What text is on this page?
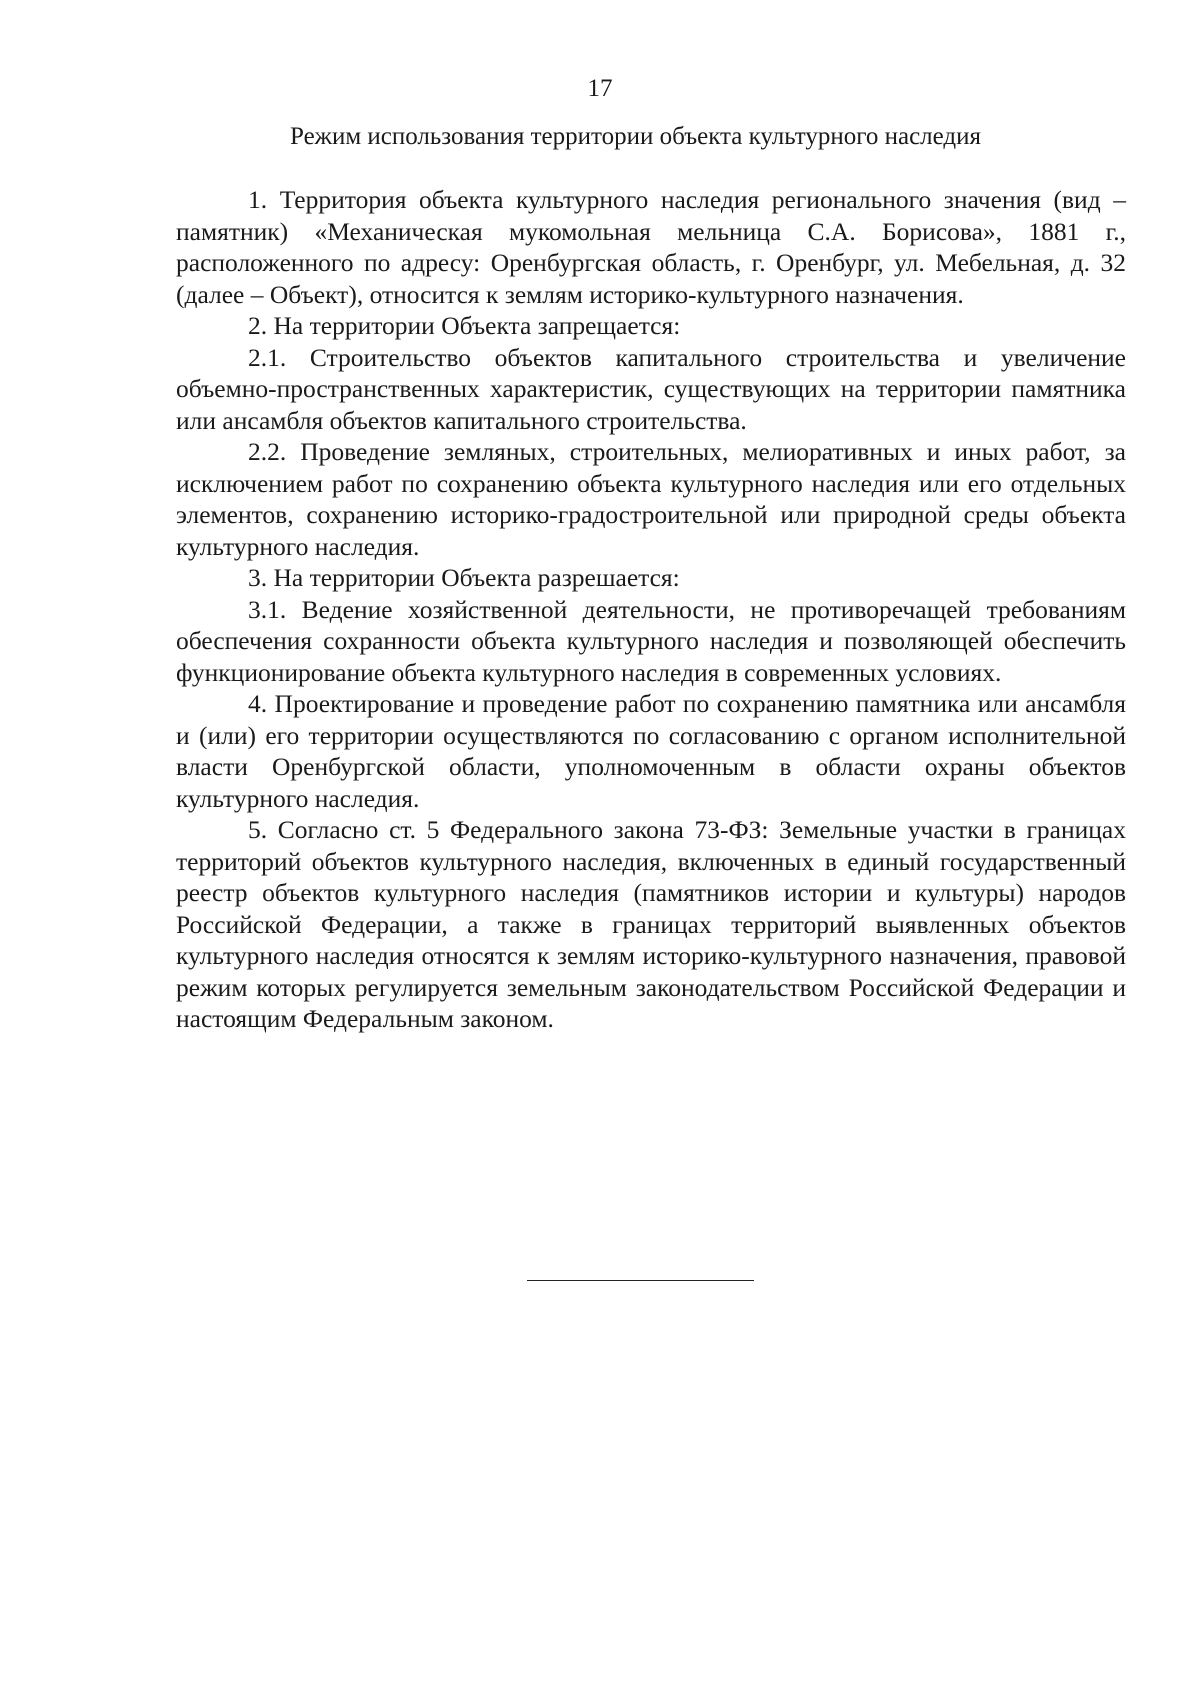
17
Режим использования территории объекта культурного наследия

1. Территория объекта культурного наследия регионального значения (вид – памятник) «Механическая мукомольная мельница С.А. Борисова», 1881 г., расположенного по адресу: Оренбургская область, г. Оренбург, ул. Мебельная, д. 32 (далее – Объект), относится к землям историко-культурного назначения.

2. На территории Объекта запрещается:

2.1. Строительство объектов капитального строительства и увеличение объемно-пространственных характеристик, существующих на территории памятника или ансамбля объектов капитального строительства.

2.2. Проведение земляных, строительных, мелиоративных и иных работ, за исключением работ по сохранению объекта культурного наследия или его отдельных элементов, сохранению историко-градостроительной или природной среды объекта культурного наследия.

3. На территории Объекта разрешается:

3.1. Ведение хозяйственной деятельности, не противоречащей требованиям обеспечения сохранности объекта культурного наследия и позволяющей обеспечить функционирование объекта культурного наследия в современных условиях.

4. Проектирование и проведение работ по сохранению памятника или ансамбля и (или) его территории осуществляются по согласованию с органом исполнительной власти Оренбургской области, уполномоченным в области охраны объектов культурного наследия.

5. Согласно ст. 5 Федерального закона 73-ФЗ: Земельные участки в границах территорий объектов культурного наследия, включенных в единый государственный реестр объектов культурного наследия (памятников истории и культуры) народов Российской Федерации, а также в границах территорий выявленных объектов культурного наследия относятся к землям историко-культурного назначения, правовой режим которых регулируется земельным законодательством Российской Федерации и настоящим Федеральным законом.
